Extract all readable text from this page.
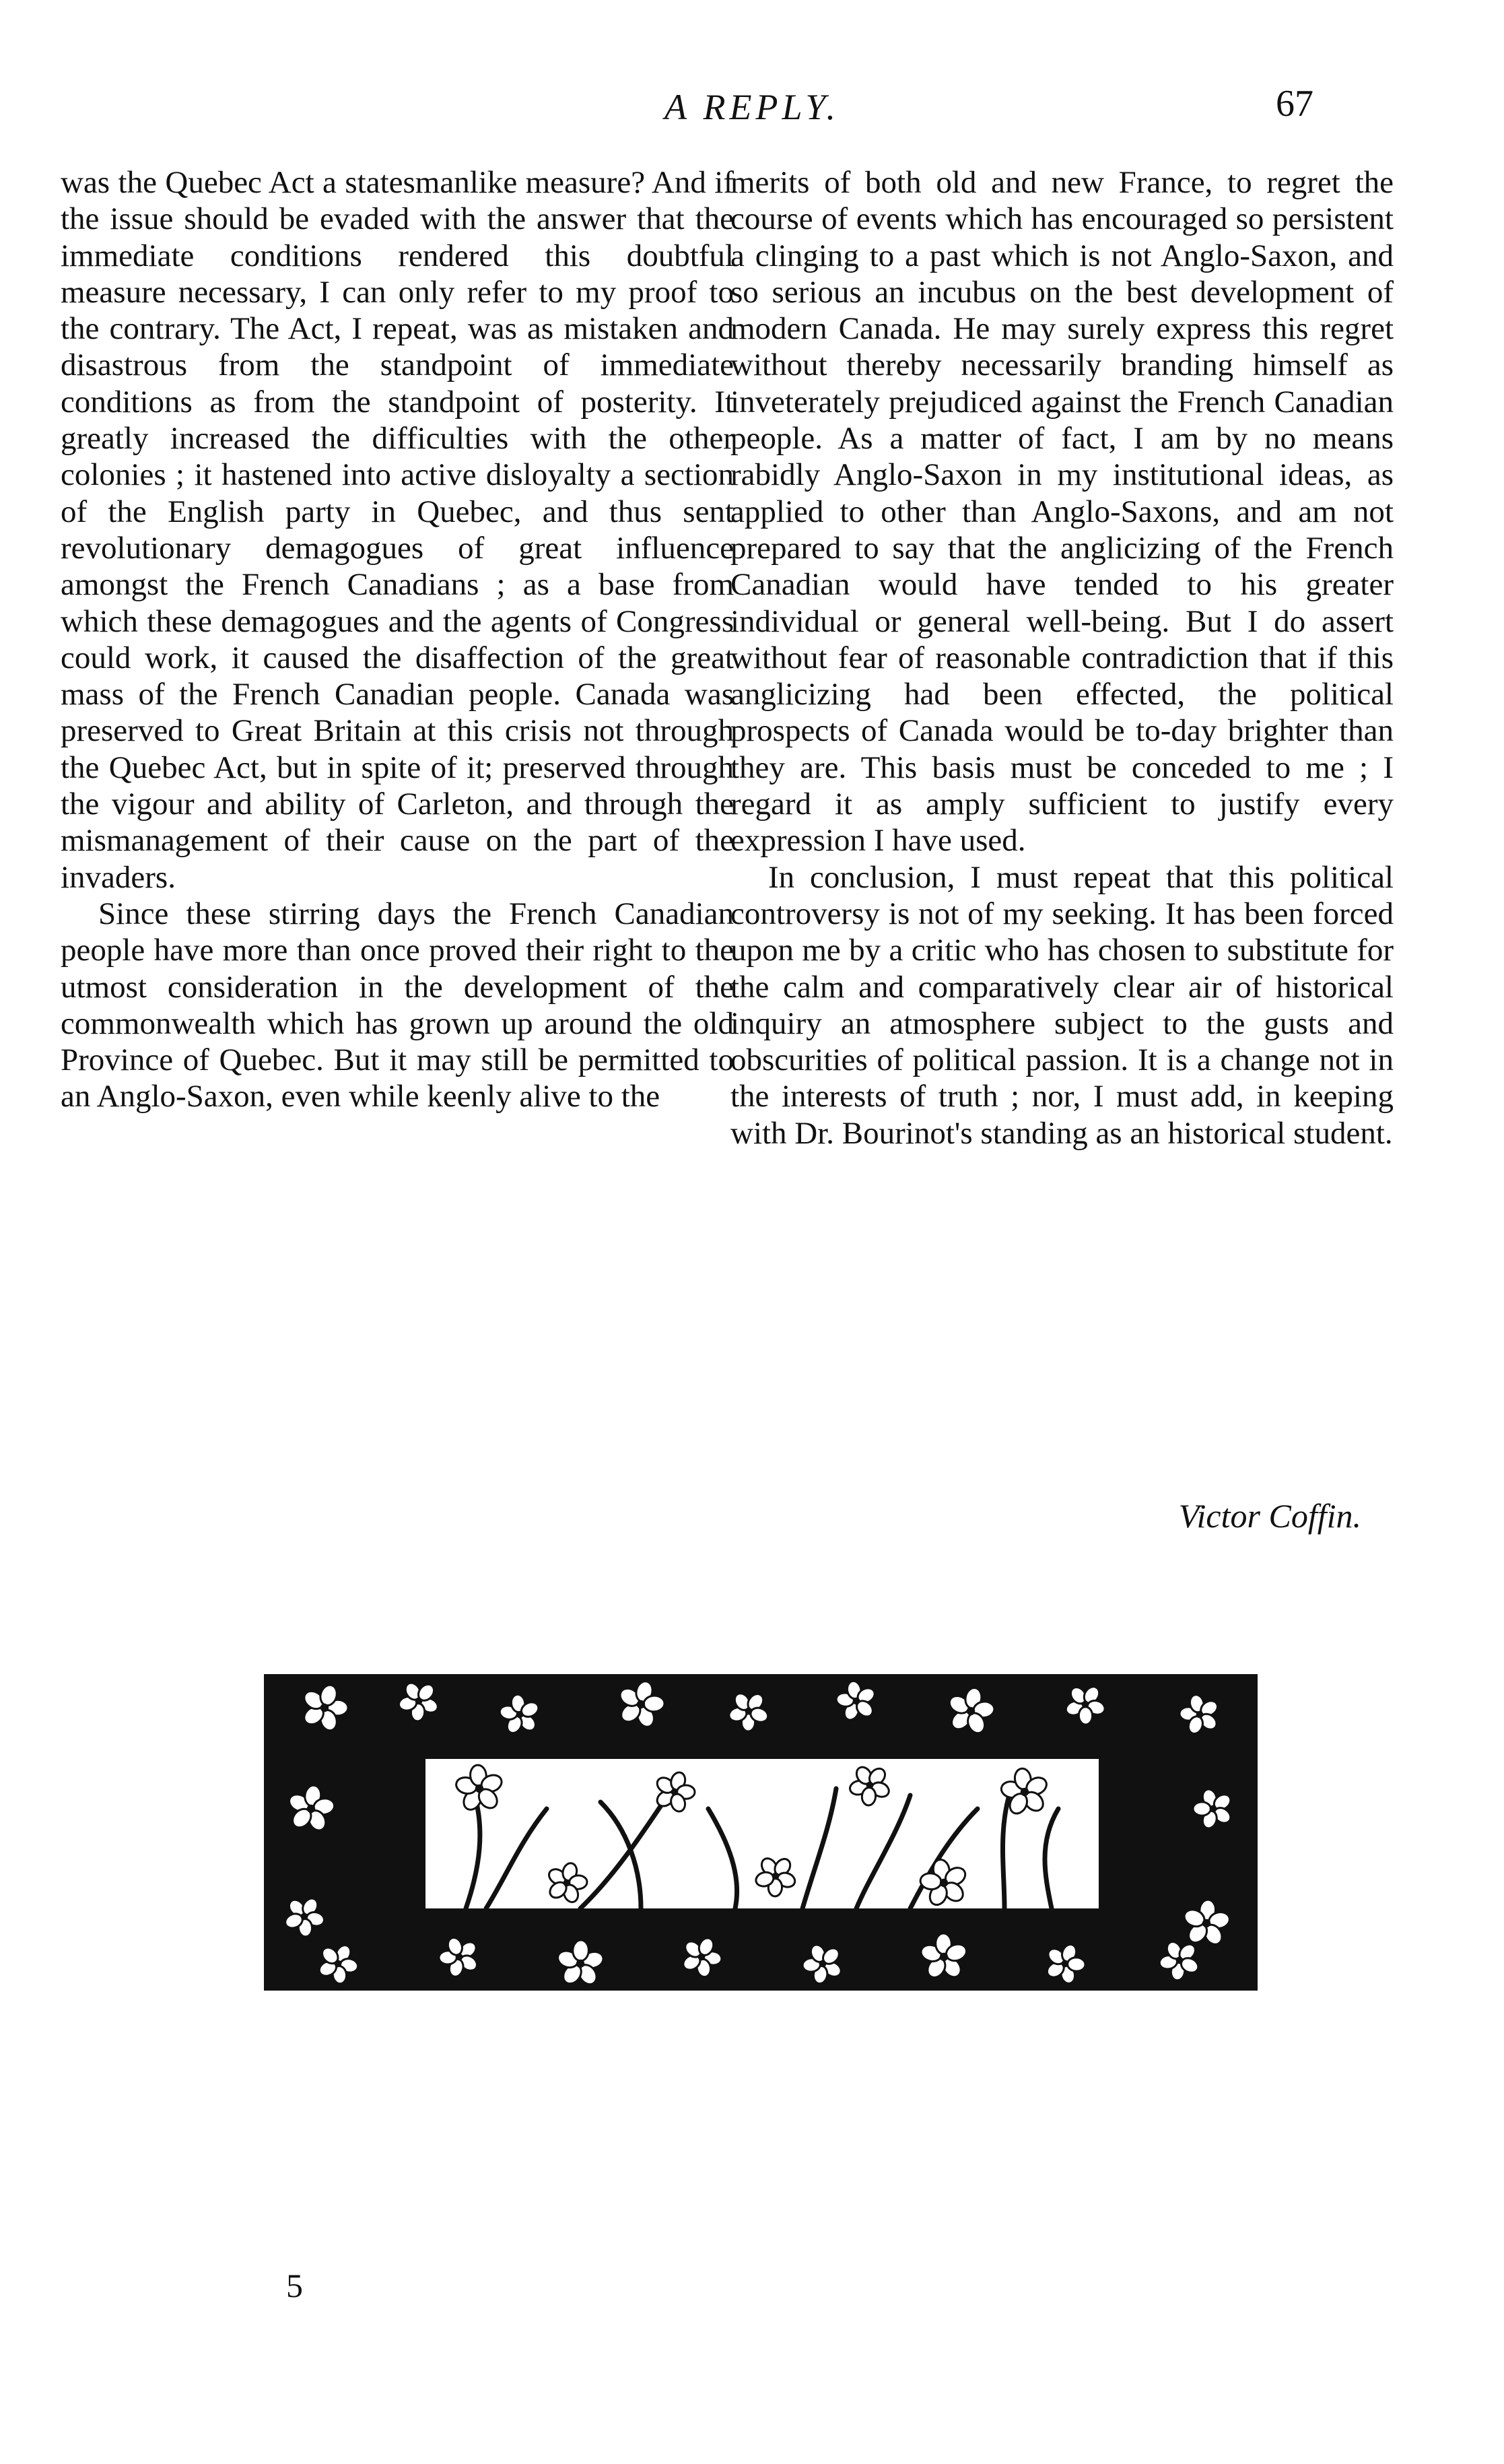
A REPLY.	67

was the Quebec Act a statesmanlike measure? And if the issue should be evaded with the answer that the immediate conditions rendered this doubtful measure necessary, I can only refer to my proof to the contrary. The Act, I repeat, was as mistaken and disastrous from the standpoint of immediate conditions as from the standpoint of posterity. It greatly increased the difficulties with the other colonies ; it hastened into active disloyalty a section of the English party in Quebec, and thus sent revolutionary demagogues of great influence amongst the French Canadians ; as a base from which these demagogues and the agents of Congress could work, it caused the disaffection of the great mass of the French Canadian people. Canada was preserved to Great Britain at this crisis not through the Quebec Act, but in spite of it; preserved through the vigour and ability of Carleton, and through the mismanagement of their cause on the part of the invaders.

Since these stirring days the French Canadian people have more than once proved their right to the utmost consideration in the development of the commonwealth which has grown up around the old Province of Quebec. But it may still be permitted to an Anglo-Saxon, even while keenly alive to the

merits of both old and new France, to regret the course of events which has encouraged so persistent a clinging to a past which is not Anglo-Saxon, and so serious an incubus on the best development of modern Canada. He may surely express this regret without thereby necessarily branding himself as inveterately prejudiced against the French Canadian people. As a matter of fact, I am by no means rabidly Anglo-Saxon in my institutional ideas, as applied to other than Anglo-Saxons, and am not prepared to say that the anglicizing of the French Canadian would have tended to his greater individual or general well-being. But I do assert without fear of reasonable contradiction that if this anglicizing had been effected, the political prospects of Canada would be to-day brighter than they are. This basis must be conceded to me ; I regard it as amply sufficient to justify every expression I have used.

In conclusion, I must repeat that this political controversy is not of my seeking. It has been forced upon me by a critic who has chosen to substitute for the calm and comparatively clear air of historical inquiry an atmosphere subject to the gusts and obscurities of political passion. It is a change not in the interests of truth ; nor, I must add, in keeping with Dr. Bourinot's standing as an historical student.

Victor Coffin.
5
